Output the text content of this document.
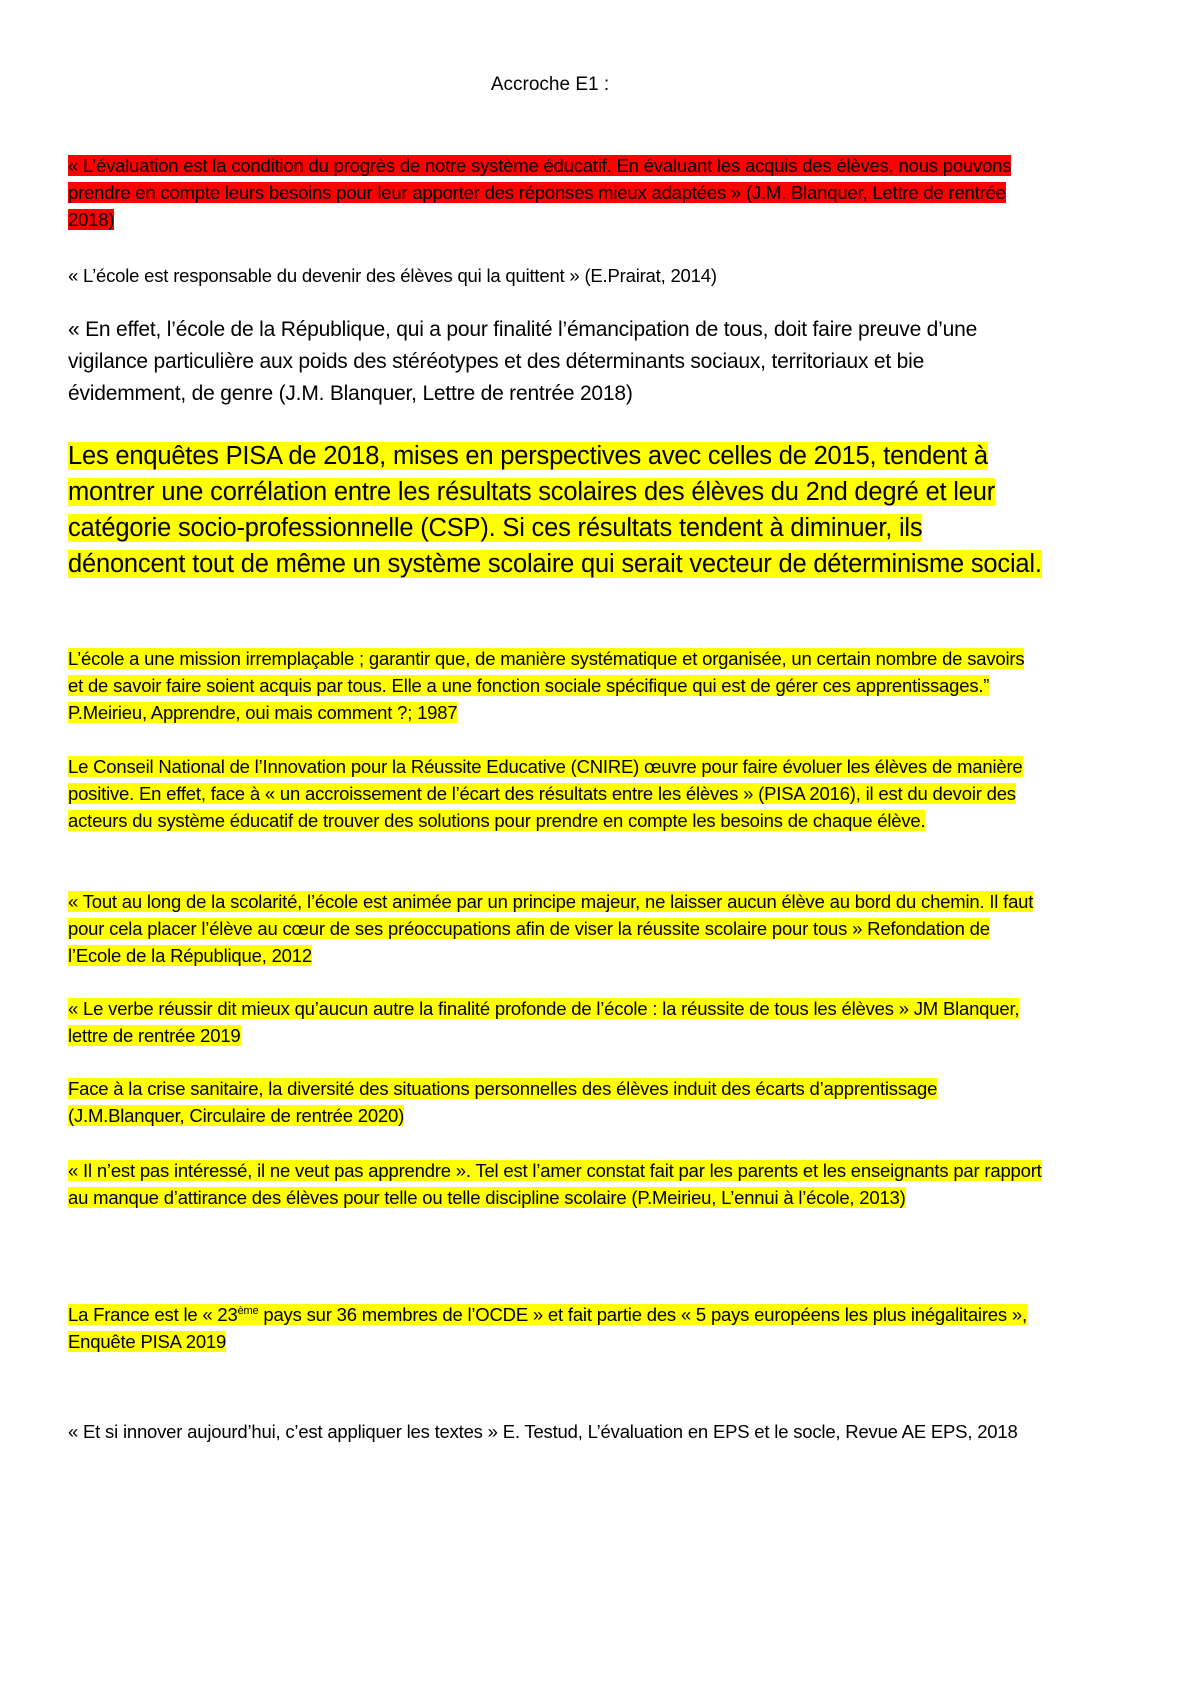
Accroche E1 :

« L’évaluation est la condition du progrès de notre système éducatif. En évaluant les acquis des élèves, nous pouvons prendre en compte leurs besoins pour leur apporter des réponses mieux adaptées » (J.M. Blanquer, Lettre de rentrée 2018)

« L’école est responsable du devenir des élèves qui la quittent » (E.Prairat, 2014)

« En effet, l’école de la République, qui a pour finalité l’émancipation de tous, doit faire preuve d’une vigilance particulière aux poids des stéréotypes et des déterminants sociaux, territoriaux et bie évidemment, de genre (J.M. Blanquer, Lettre de rentrée 2018)

Les enquêtes PISA de 2018, mises en perspectives avec celles de 2015, tendent à montrer une corrélation entre les résultats scolaires des élèves du 2nd degré et leur catégorie socio-professionnelle (CSP). Si ces résultats tendent à diminuer, ils dénoncent tout de même un système scolaire qui serait vecteur de déterminisme social.

L’école a une mission irremplaçable ; garantir que, de manière systématique et organisée, un certain nombre de savoirs et de savoir faire soient acquis par tous. Elle a une fonction sociale spécifique qui est de gérer ces apprentissages.” P.Meirieu, Apprendre, oui mais comment ?; 1987

Le Conseil National de l’Innovation pour la Réussite Educative (CNIRE) œuvre pour faire évoluer les élèves de manière positive. En effet, face à « un accroissement de l’écart des résultats entre les élèves » (PISA 2016), il est du devoir des acteurs du système éducatif de trouver des solutions pour prendre en compte les besoins de chaque élève.

« Tout au long de la scolarité, l’école est animée par un principe majeur, ne laisser aucun élève au bord du chemin. Il faut pour cela placer l’élève au cœur de ses préoccupations afin de viser la réussite scolaire pour tous » Refondation de l’Ecole de la République, 2012

« Le verbe réussir dit mieux qu’aucun autre la finalité profonde de l’école : la réussite de tous les élèves » JM Blanquer, lettre de rentrée 2019

Face à la crise sanitaire, la diversité des situations personnelles des élèves induit des écarts d’apprentissage (J.M.Blanquer, Circulaire de rentrée 2020)

« Il n’est pas intéressé, il ne veut pas apprendre ». Tel est l’amer constat fait par les parents et les enseignants par rapport au manque d’attirance des élèves pour telle ou telle discipline scolaire (P.Meirieu, L’ennui à l’école, 2013)

La France est le « 23ème pays sur 36 membres de l’OCDE » et fait partie des « 5 pays européens les plus inégalitaires », Enquête PISA 2019

« Et si innover aujourd’hui, c’est appliquer les textes » E. Testud, L’évaluation en EPS et le socle, Revue AE EPS, 2018
